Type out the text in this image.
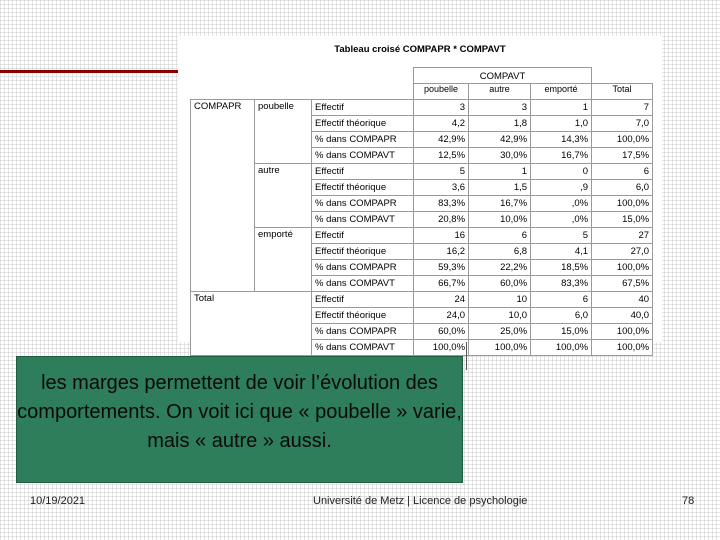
Tableau croisé COMPAPR * COMPAVT
			COMPAVT			
			poubelle	autre	emporté	Total
COMPAPR	poubelle	Effectif	3	3	1	7
		Effectif théorique	4,2	1,8	1,0	7,0
		% dans COMPAPR	42,9%	42,9%	14,3%	100,0%
		% dans COMPAVT	12,5%	30,0%	16,7%	17,5%
	autre	Effectif	5	1	0	6
		Effectif théorique	3,6	1,5	,9	6,0
		% dans COMPAPR	83,3%	16,7%	,0%	100,0%
		% dans COMPAVT	20,8%	10,0%	,0%	15,0%
	emporté	Effectif	16	6	5	27
		Effectif théorique	16,2	6,8	4,1	27,0
		% dans COMPAPR	59,3%	22,2%	18,5%	100,0%
		% dans COMPAVT	66,7%	60,0%	83,3%	67,5%
Total		Effectif	24	10	6	40
		Effectif théorique	24,0	10,0	6,0	40,0
		% dans COMPAPR	60,0%	25,0%	15,0%	100,0%
		% dans COMPAVT	100,0%	100,0%	100,0%	100,0%
les marges permettent de voir l’évolution des comportements. On voit ici que « poubelle » varie, mais « autre » aussi.
10/19/2021	Université de Metz | Licence de psychologie	78
